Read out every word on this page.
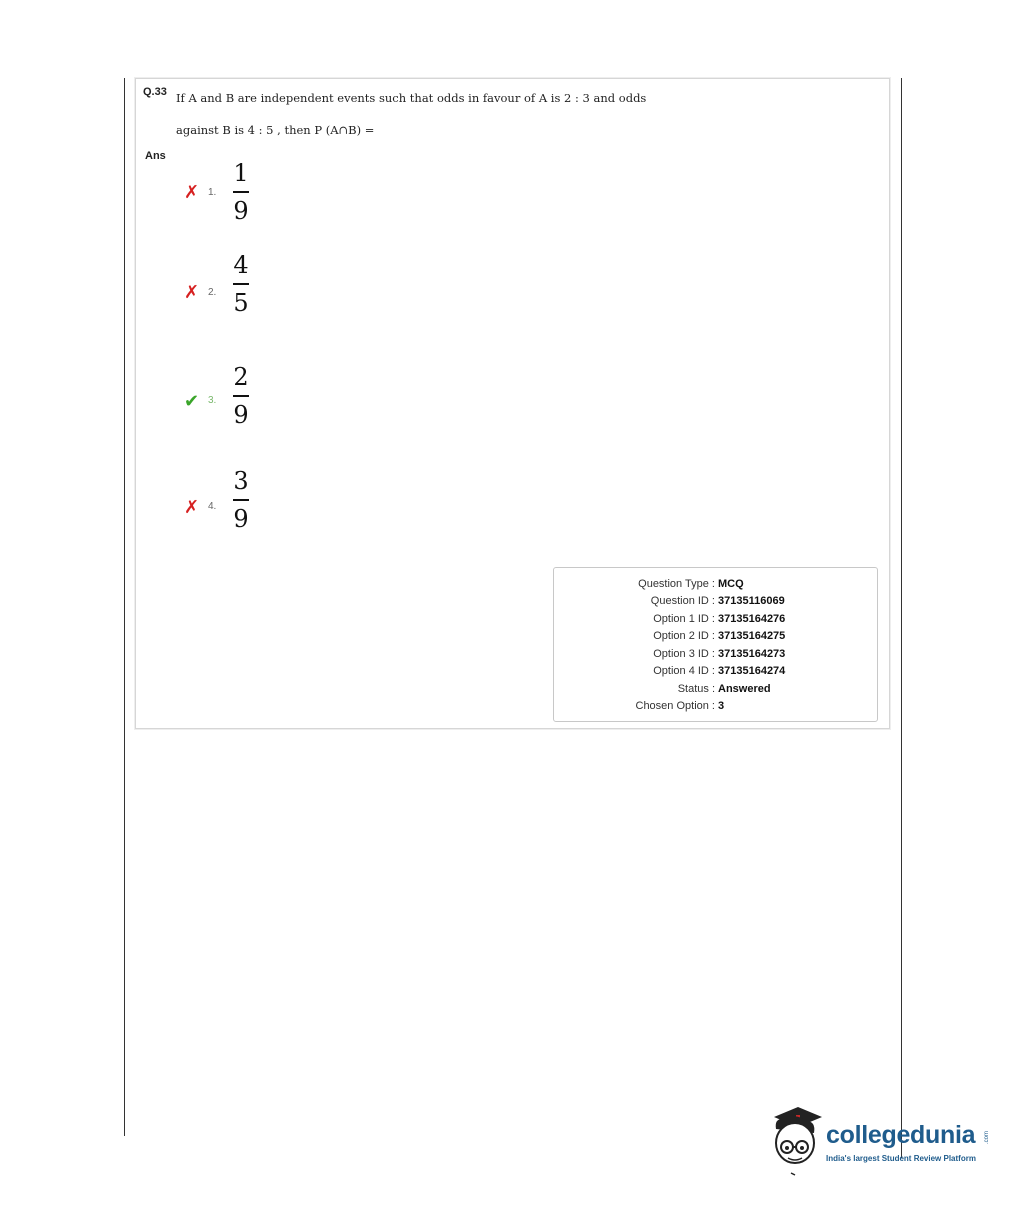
Q.33 If A and B are independent events such that odds in favour of A is 2 : 3 and odds
against B is 4 : 5 , then P (A∩B) =
Ans
✗ 1.
1
9
✗ 2.
4
5
✔ 3.
2
9
✗ 4.
3
9
Question Type : MCQ
Question ID : 37135116069
Option 1 ID : 37135164276
Option 2 ID : 37135164275
Option 3 ID : 37135164273
Option 4 ID : 37135164274
Status : Answered
Chosen Option : 3
collegedunia .com
India's largest Student Review Platform
